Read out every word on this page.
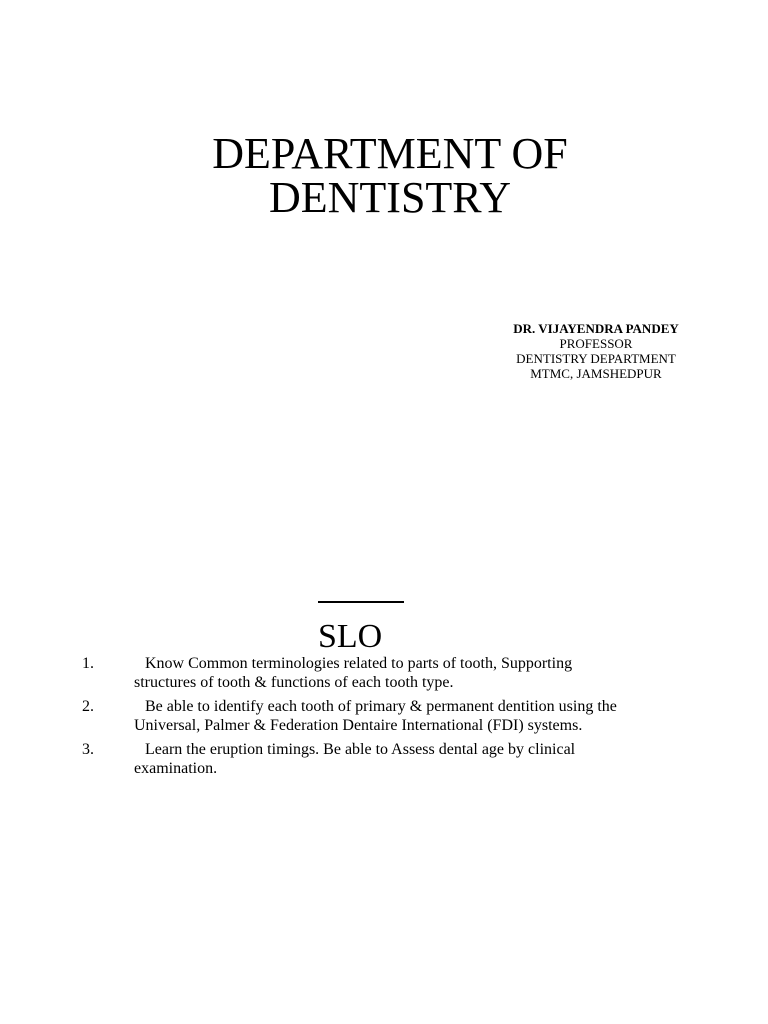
DEPARTMENT OF
DENTISTRY
DR. VIJAYENDRA PANDEY
PROFESSOR
DENTISTRY DEPARTMENT
MTMC, JAMSHEDPUR
SLO
1.	Know Common terminologies related to parts of tooth, Supporting structures of tooth & functions of each tooth type.
2.	Be able to identify each tooth of primary & permanent dentition using the Universal, Palmer & Federation Dentaire International (FDI) systems.
3.	Learn the eruption timings. Be able to Assess dental age by clinical examination.
